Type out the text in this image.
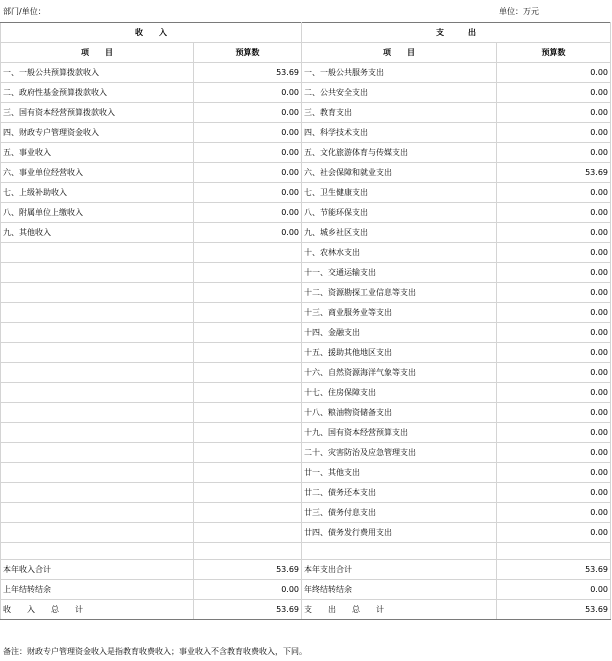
部门/单位：	单位：万元
收　　入		支　　　出	
项　　目	预算数	项　　目	预算数
一、一般公共预算拨款收入	53.69	一、一般公共服务支出	0.00
二、政府性基金预算拨款收入	0.00	二、公共安全支出	0.00
三、国有资本经营预算拨款收入	0.00	三、教育支出	0.00
四、财政专户管理资金收入	0.00	四、科学技术支出	0.00
五、事业收入	0.00	五、文化旅游体育与传媒支出	0.00
六、事业单位经营收入	0.00	六、社会保障和就业支出	53.69
七、上级补助收入	0.00	七、卫生健康支出	0.00
八、附属单位上缴收入	0.00	八、节能环保支出	0.00
九、其他收入	0.00	九、城乡社区支出	0.00
		十、农林水支出	0.00
		十一、交通运输支出	0.00
		十二、资源勘探工业信息等支出	0.00
		十三、商业服务业等支出	0.00
		十四、金融支出	0.00
		十五、援助其他地区支出	0.00
		十六、自然资源海洋气象等支出	0.00
		十七、住房保障支出	0.00
		十八、粮油物资储备支出	0.00
		十九、国有资本经营预算支出	0.00
		二十、灾害防治及应急管理支出	0.00
		廿一、其他支出	0.00
		廿二、债务还本支出	0.00
		廿三、债务付息支出	0.00
		廿四、债务发行费用支出	0.00

本年收入合计	53.69	本年支出合计	53.69
上年结转结余	0.00	年终结转结余	0.00
收　　入　　总　　计	53.69	支　　出　　总　　计	53.69
备注：财政专户管理资金收入是指教育收费收入；事业收入不含教育收费收入，下同。
